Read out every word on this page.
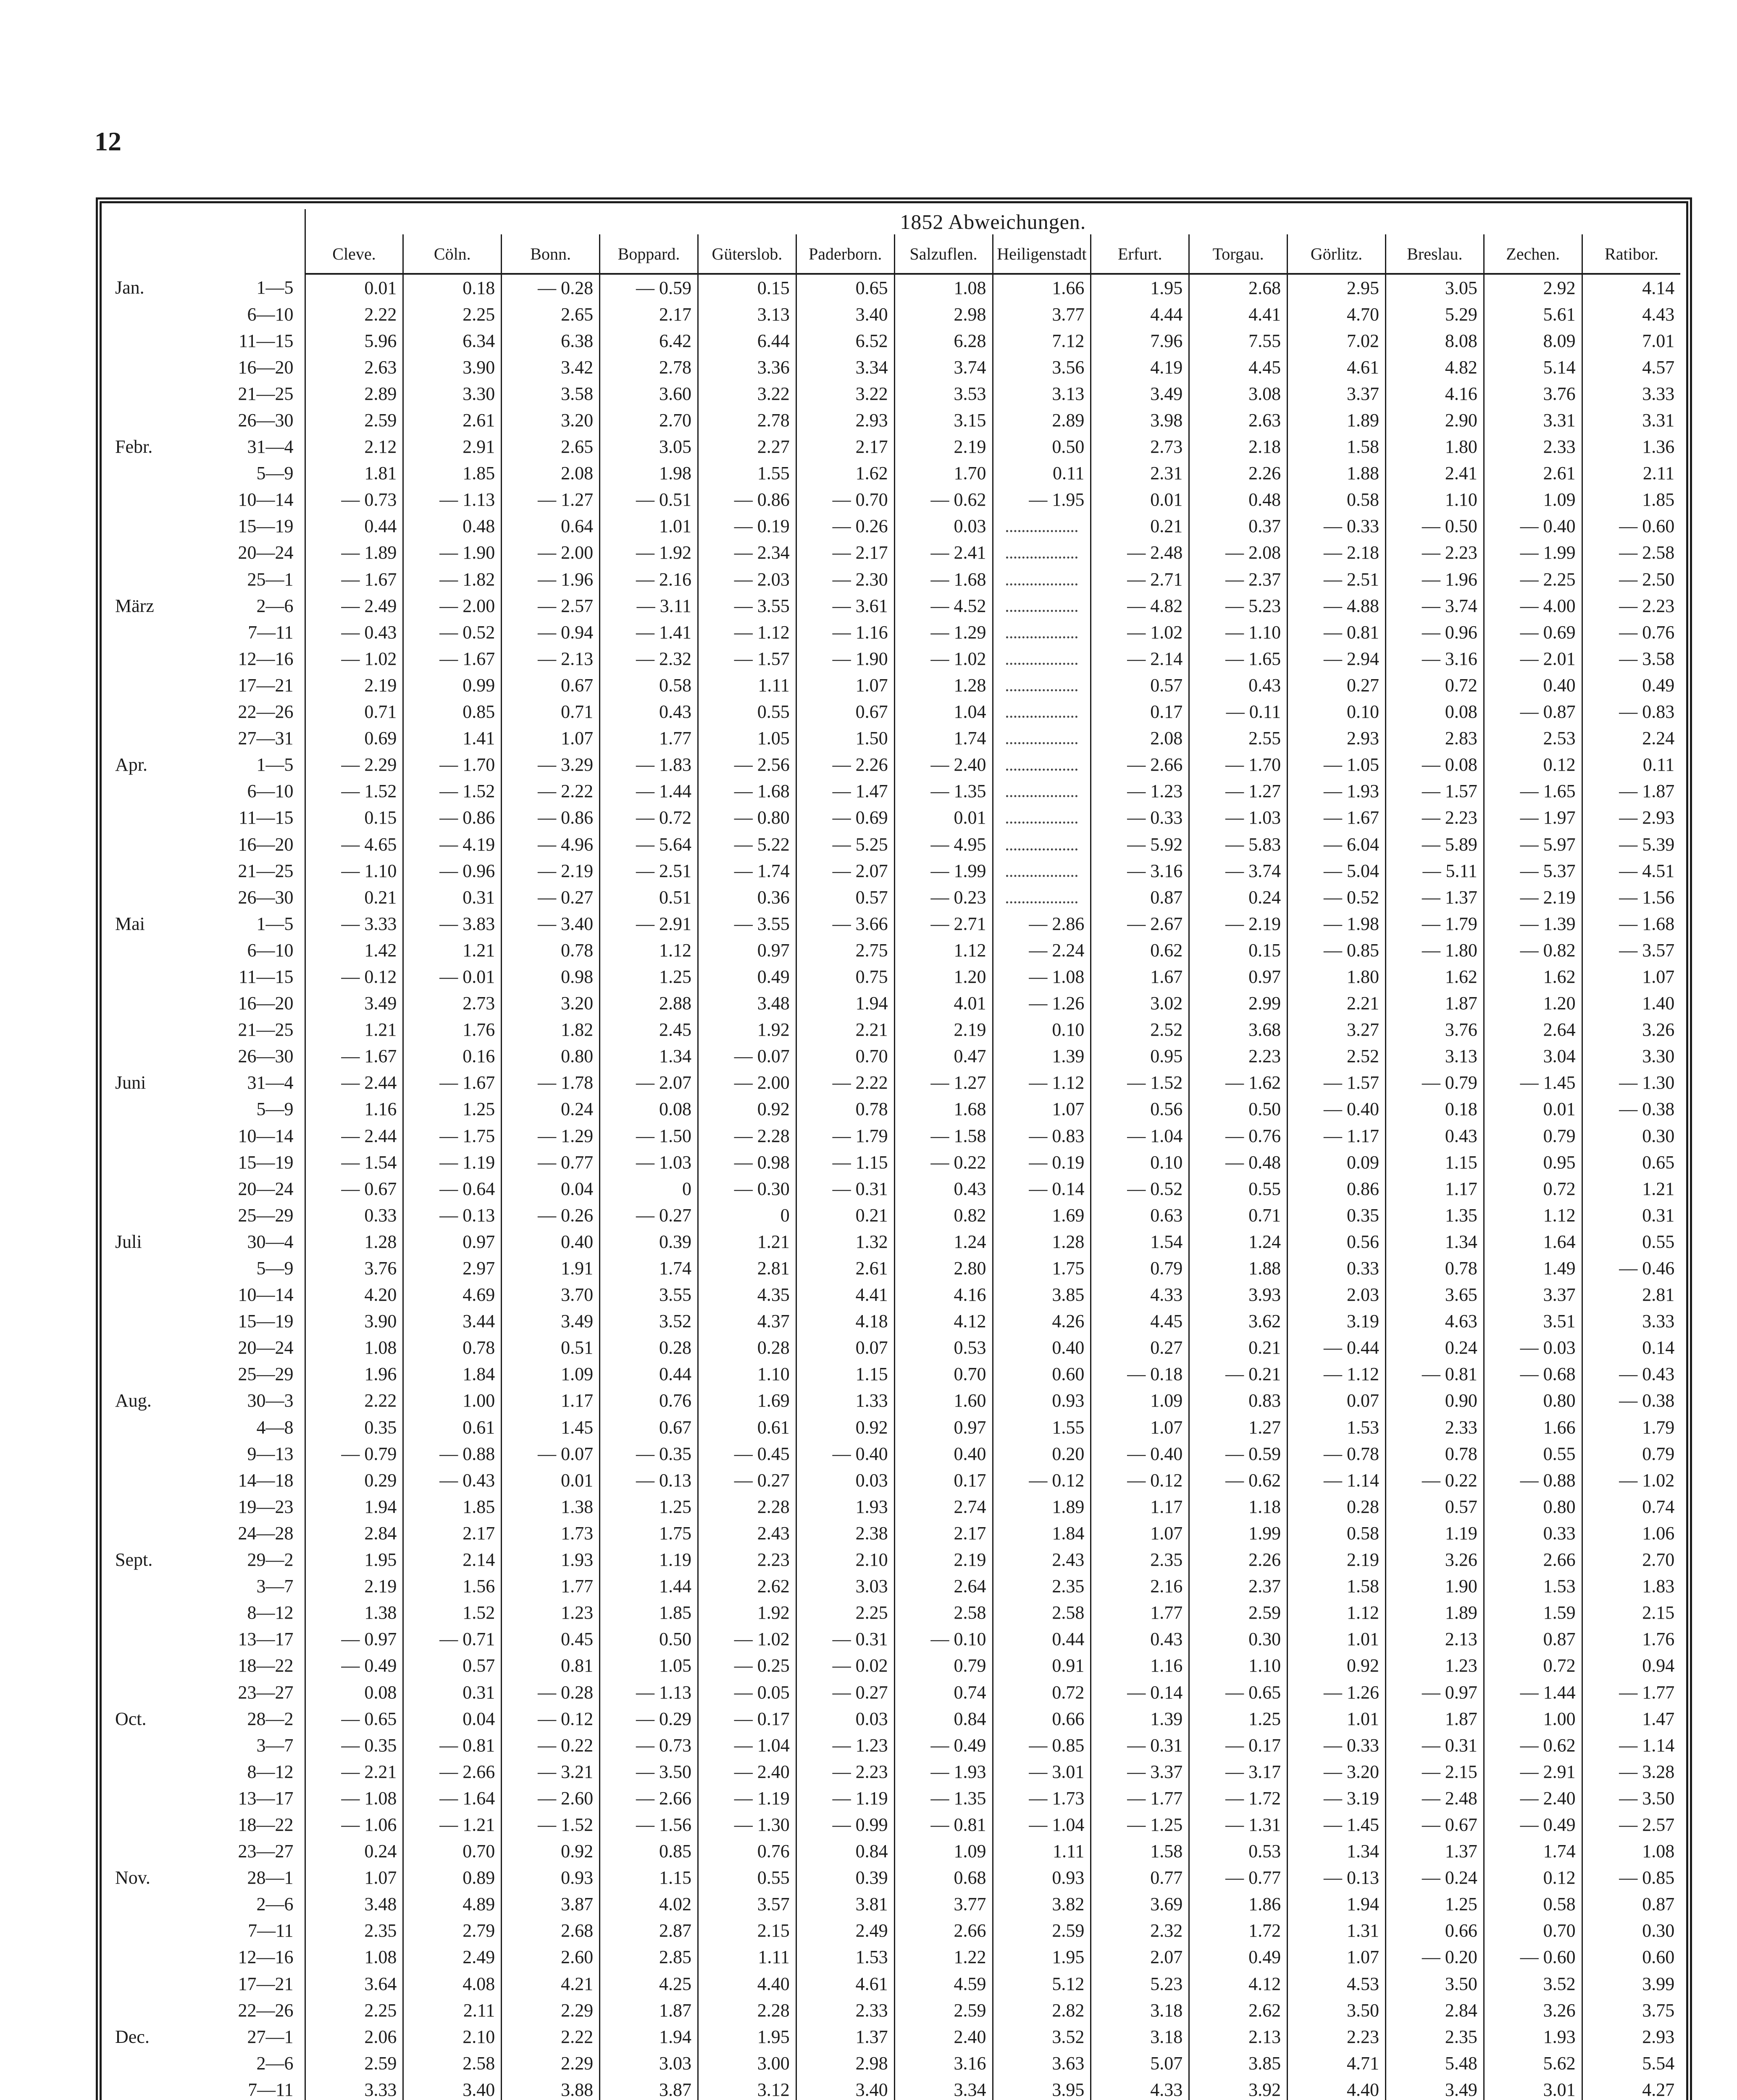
12
	1852 Abweichungen.													
	Cleve.	Cöln.	Bonn.	Boppard.	Güterslob.	Paderborn.	Salzuflen.	Heiligenstadt	Erfurt.	Torgau.	Görlitz.	Breslau.	Zechen.	Ratibor.

Jan. 1—5	0.01	0.18	— 0.28	— 0.59	0.15	0.65	1.08	1.66	1.95	2.68	2.95	3.05	2.92	4.14

6—10	2.22	2.25	2.65	2.17	3.13	3.40	2.98	3.77	4.44	4.41	4.70	5.29	5.61	4.43

11—15	5.96	6.34	6.38	6.42	6.44	6.52	6.28	7.12	7.96	7.55	7.02	8.08	8.09	7.01

16—20	2.63	3.90	3.42	2.78	3.36	3.34	3.74	3.56	4.19	4.45	4.61	4.82	5.14	4.57

21—25	2.89	3.30	3.58	3.60	3.22	3.22	3.53	3.13	3.49	3.08	3.37	4.16	3.76	3.33

26—30	2.59	2.61	3.20	2.70	2.78	2.93	3.15	2.89	3.98	2.63	1.89	2.90	3.31	3.31

Febr. 31—4	2.12	2.91	2.65	3.05	2.27	2.17	2.19	0.50	2.73	2.18	1.58	1.80	2.33	1.36

5—9	1.81	1.85	2.08	1.98	1.55	1.62	1.70	0.11	2.31	2.26	1.88	2.41	2.61	2.11

10—14	— 0.73	— 1.13	— 1.27	— 0.51	— 0.86	— 0.70	— 0.62	— 1.95	0.01	0.48	0.58	1.10	1.09	1.85

15—19	0.44	0.48	0.64	1.01	— 0.19	— 0.26	0.03		0.21	0.37	— 0.33	— 0.50	— 0.40	— 0.60

20—24	— 1.89	— 1.90	— 2.00	— 1.92	— 2.34	— 2.17	— 2.41		— 2.48	— 2.08	— 2.18	— 2.23	— 1.99	— 2.58

25—1	— 1.67	— 1.82	— 1.96	— 2.16	— 2.03	— 2.30	— 1.68		— 2.71	— 2.37	— 2.51	— 1.96	— 2.25	— 2.50

März 2—6	— 2.49	— 2.00	— 2.57	— 3.11	— 3.55	— 3.61	— 4.52		— 4.82	— 5.23	— 4.88	— 3.74	— 4.00	— 2.23

7—11	— 0.43	— 0.52	— 0.94	— 1.41	— 1.12	— 1.16	— 1.29		— 1.02	— 1.10	— 0.81	— 0.96	— 0.69	— 0.76

12—16	— 1.02	— 1.67	— 2.13	— 2.32	— 1.57	— 1.90	— 1.02		— 2.14	— 1.65	— 2.94	— 3.16	— 2.01	— 3.58

17—21	2.19	0.99	0.67	0.58	1.11	1.07	1.28		0.57	0.43	0.27	0.72	0.40	0.49

22—26	0.71	0.85	0.71	0.43	0.55	0.67	1.04		0.17	— 0.11	0.10	0.08	— 0.87	— 0.83

27—31	0.69	1.41	1.07	1.77	1.05	1.50	1.74		2.08	2.55	2.93	2.83	2.53	2.24

Apr. 1—5	— 2.29	— 1.70	— 3.29	— 1.83	— 2.56	— 2.26	— 2.40		— 2.66	— 1.70	— 1.05	— 0.08	0.12	0.11

6—10	— 1.52	— 1.52	— 2.22	— 1.44	— 1.68	— 1.47	— 1.35		— 1.23	— 1.27	— 1.93	— 1.57	— 1.65	— 1.87

11—15	0.15	— 0.86	— 0.86	— 0.72	— 0.80	— 0.69	0.01		— 0.33	— 1.03	— 1.67	— 2.23	— 1.97	— 2.93

16—20	— 4.65	— 4.19	— 4.96	— 5.64	— 5.22	— 5.25	— 4.95		— 5.92	— 5.83	— 6.04	— 5.89	— 5.97	— 5.39

21—25	— 1.10	— 0.96	— 2.19	— 2.51	— 1.74	— 2.07	— 1.99		— 3.16	— 3.74	— 5.04	— 5.11	— 5.37	— 4.51

26—30	0.21	0.31	— 0.27	0.51	0.36	0.57	— 0.23		0.87	0.24	— 0.52	— 1.37	— 2.19	— 1.56

Mai 1—5	— 3.33	— 3.83	— 3.40	— 2.91	— 3.55	— 3.66	— 2.71	— 2.86	— 2.67	— 2.19	— 1.98	— 1.79	— 1.39	— 1.68

6—10	1.42	1.21	0.78	1.12	0.97	2.75	1.12	— 2.24	0.62	0.15	— 0.85	— 1.80	— 0.82	— 3.57

11—15	— 0.12	— 0.01	0.98	1.25	0.49	0.75	1.20	— 1.08	1.67	0.97	1.80	1.62	1.62	1.07

16—20	3.49	2.73	3.20	2.88	3.48	1.94	4.01	— 1.26	3.02	2.99	2.21	1.87	1.20	1.40

21—25	1.21	1.76	1.82	2.45	1.92	2.21	2.19	0.10	2.52	3.68	3.27	3.76	2.64	3.26

26—30	— 1.67	0.16	0.80	1.34	— 0.07	0.70	0.47	1.39	0.95	2.23	2.52	3.13	3.04	3.30

Juni 31—4	— 2.44	— 1.67	— 1.78	— 2.07	— 2.00	— 2.22	— 1.27	— 1.12	— 1.52	— 1.62	— 1.57	— 0.79	— 1.45	— 1.30

5—9	1.16	1.25	0.24	0.08	0.92	0.78	1.68	1.07	0.56	0.50	— 0.40	0.18	0.01	— 0.38

10—14	— 2.44	— 1.75	— 1.29	— 1.50	— 2.28	— 1.79	— 1.58	— 0.83	— 1.04	— 0.76	— 1.17	0.43	0.79	0.30

15—19	— 1.54	— 1.19	— 0.77	— 1.03	— 0.98	— 1.15	— 0.22	— 0.19	0.10	— 0.48	0.09	1.15	0.95	0.65

20—24	— 0.67	— 0.64	0.04	0	— 0.30	— 0.31	0.43	— 0.14	— 0.52	0.55	0.86	1.17	0.72	1.21

25—29	0.33	— 0.13	— 0.26	— 0.27	0	0.21	0.82	1.69	0.63	0.71	0.35	1.35	1.12	0.31

Juli 30—4	1.28	0.97	0.40	0.39	1.21	1.32	1.24	1.28	1.54	1.24	0.56	1.34	1.64	0.55

5—9	3.76	2.97	1.91	1.74	2.81	2.61	2.80	1.75	0.79	1.88	0.33	0.78	1.49	— 0.46

10—14	4.20	4.69	3.70	3.55	4.35	4.41	4.16	3.85	4.33	3.93	2.03	3.65	3.37	2.81

15—19	3.90	3.44	3.49	3.52	4.37	4.18	4.12	4.26	4.45	3.62	3.19	4.63	3.51	3.33

20—24	1.08	0.78	0.51	0.28	0.28	0.07	0.53	0.40	0.27	0.21	— 0.44	0.24	— 0.03	0.14

25—29	1.96	1.84	1.09	0.44	1.10	1.15	0.70	0.60	— 0.18	— 0.21	— 1.12	— 0.81	— 0.68	— 0.43

Aug. 30—3	2.22	1.00	1.17	0.76	1.69	1.33	1.60	0.93	1.09	0.83	0.07	0.90	0.80	— 0.38

4—8	0.35	0.61	1.45	0.67	0.61	0.92	0.97	1.55	1.07	1.27	1.53	2.33	1.66	1.79

9—13	— 0.79	— 0.88	— 0.07	— 0.35	— 0.45	— 0.40	0.40	0.20	— 0.40	— 0.59	— 0.78	0.78	0.55	0.79

14—18	0.29	— 0.43	0.01	— 0.13	— 0.27	0.03	0.17	— 0.12	— 0.12	— 0.62	— 1.14	— 0.22	— 0.88	— 1.02

19—23	1.94	1.85	1.38	1.25	2.28	1.93	2.74	1.89	1.17	1.18	0.28	0.57	0.80	0.74

24—28	2.84	2.17	1.73	1.75	2.43	2.38	2.17	1.84	1.07	1.99	0.58	1.19	0.33	1.06

Sept. 29—2	1.95	2.14	1.93	1.19	2.23	2.10	2.19	2.43	2.35	2.26	2.19	3.26	2.66	2.70

3—7	2.19	1.56	1.77	1.44	2.62	3.03	2.64	2.35	2.16	2.37	1.58	1.90	1.53	1.83

8—12	1.38	1.52	1.23	1.85	1.92	2.25	2.58	2.58	1.77	2.59	1.12	1.89	1.59	2.15

13—17	— 0.97	— 0.71	0.45	0.50	— 1.02	— 0.31	— 0.10	0.44	0.43	0.30	1.01	2.13	0.87	1.76

18—22	— 0.49	0.57	0.81	1.05	— 0.25	— 0.02	0.79	0.91	1.16	1.10	0.92	1.23	0.72	0.94

23—27	0.08	0.31	— 0.28	— 1.13	— 0.05	— 0.27	0.74	0.72	— 0.14	— 0.65	— 1.26	— 0.97	— 1.44	— 1.77

Oct. 28—2	— 0.65	0.04	— 0.12	— 0.29	— 0.17	0.03	0.84	0.66	1.39	1.25	1.01	1.87	1.00	1.47

3—7	— 0.35	— 0.81	— 0.22	— 0.73	— 1.04	— 1.23	— 0.49	— 0.85	— 0.31	— 0.17	— 0.33	— 0.31	— 0.62	— 1.14

8—12	— 2.21	— 2.66	— 3.21	— 3.50	— 2.40	— 2.23	— 1.93	— 3.01	— 3.37	— 3.17	— 3.20	— 2.15	— 2.91	— 3.28

13—17	— 1.08	— 1.64	— 2.60	— 2.66	— 1.19	— 1.19	— 1.35	— 1.73	— 1.77	— 1.72	— 3.19	— 2.48	— 2.40	— 3.50

18—22	— 1.06	— 1.21	— 1.52	— 1.56	— 1.30	— 0.99	— 0.81	— 1.04	— 1.25	— 1.31	— 1.45	— 0.67	— 0.49	— 2.57

23—27	0.24	0.70	0.92	0.85	0.76	0.84	1.09	1.11	1.58	0.53	1.34	1.37	1.74	1.08

Nov. 28—1	1.07	0.89	0.93	1.15	0.55	0.39	0.68	0.93	0.77	— 0.77	— 0.13	— 0.24	0.12	— 0.85

2—6	3.48	4.89	3.87	4.02	3.57	3.81	3.77	3.82	3.69	1.86	1.94	1.25	0.58	0.87

7—11	2.35	2.79	2.68	2.87	2.15	2.49	2.66	2.59	2.32	1.72	1.31	0.66	0.70	0.30

12—16	1.08	2.49	2.60	2.85	1.11	1.53	1.22	1.95	2.07	0.49	1.07	— 0.20	— 0.60	0.60

17—21	3.64	4.08	4.21	4.25	4.40	4.61	4.59	5.12	5.23	4.12	4.53	3.50	3.52	3.99

22—26	2.25	2.11	2.29	1.87	2.28	2.33	2.59	2.82	3.18	2.62	3.50	2.84	3.26	3.75

Dec. 27—1	2.06	2.10	2.22	1.94	1.95	1.37	2.40	3.52	3.18	2.13	2.23	2.35	1.93	2.93

2—6	2.59	2.58	2.29	3.03	3.00	2.98	3.16	3.63	5.07	3.85	4.71	5.48	5.62	5.54

7—11	3.33	3.40	3.88	3.87	3.12	3.40	3.34	3.95	4.33	3.92	4.40	3.49	3.01	4.27
